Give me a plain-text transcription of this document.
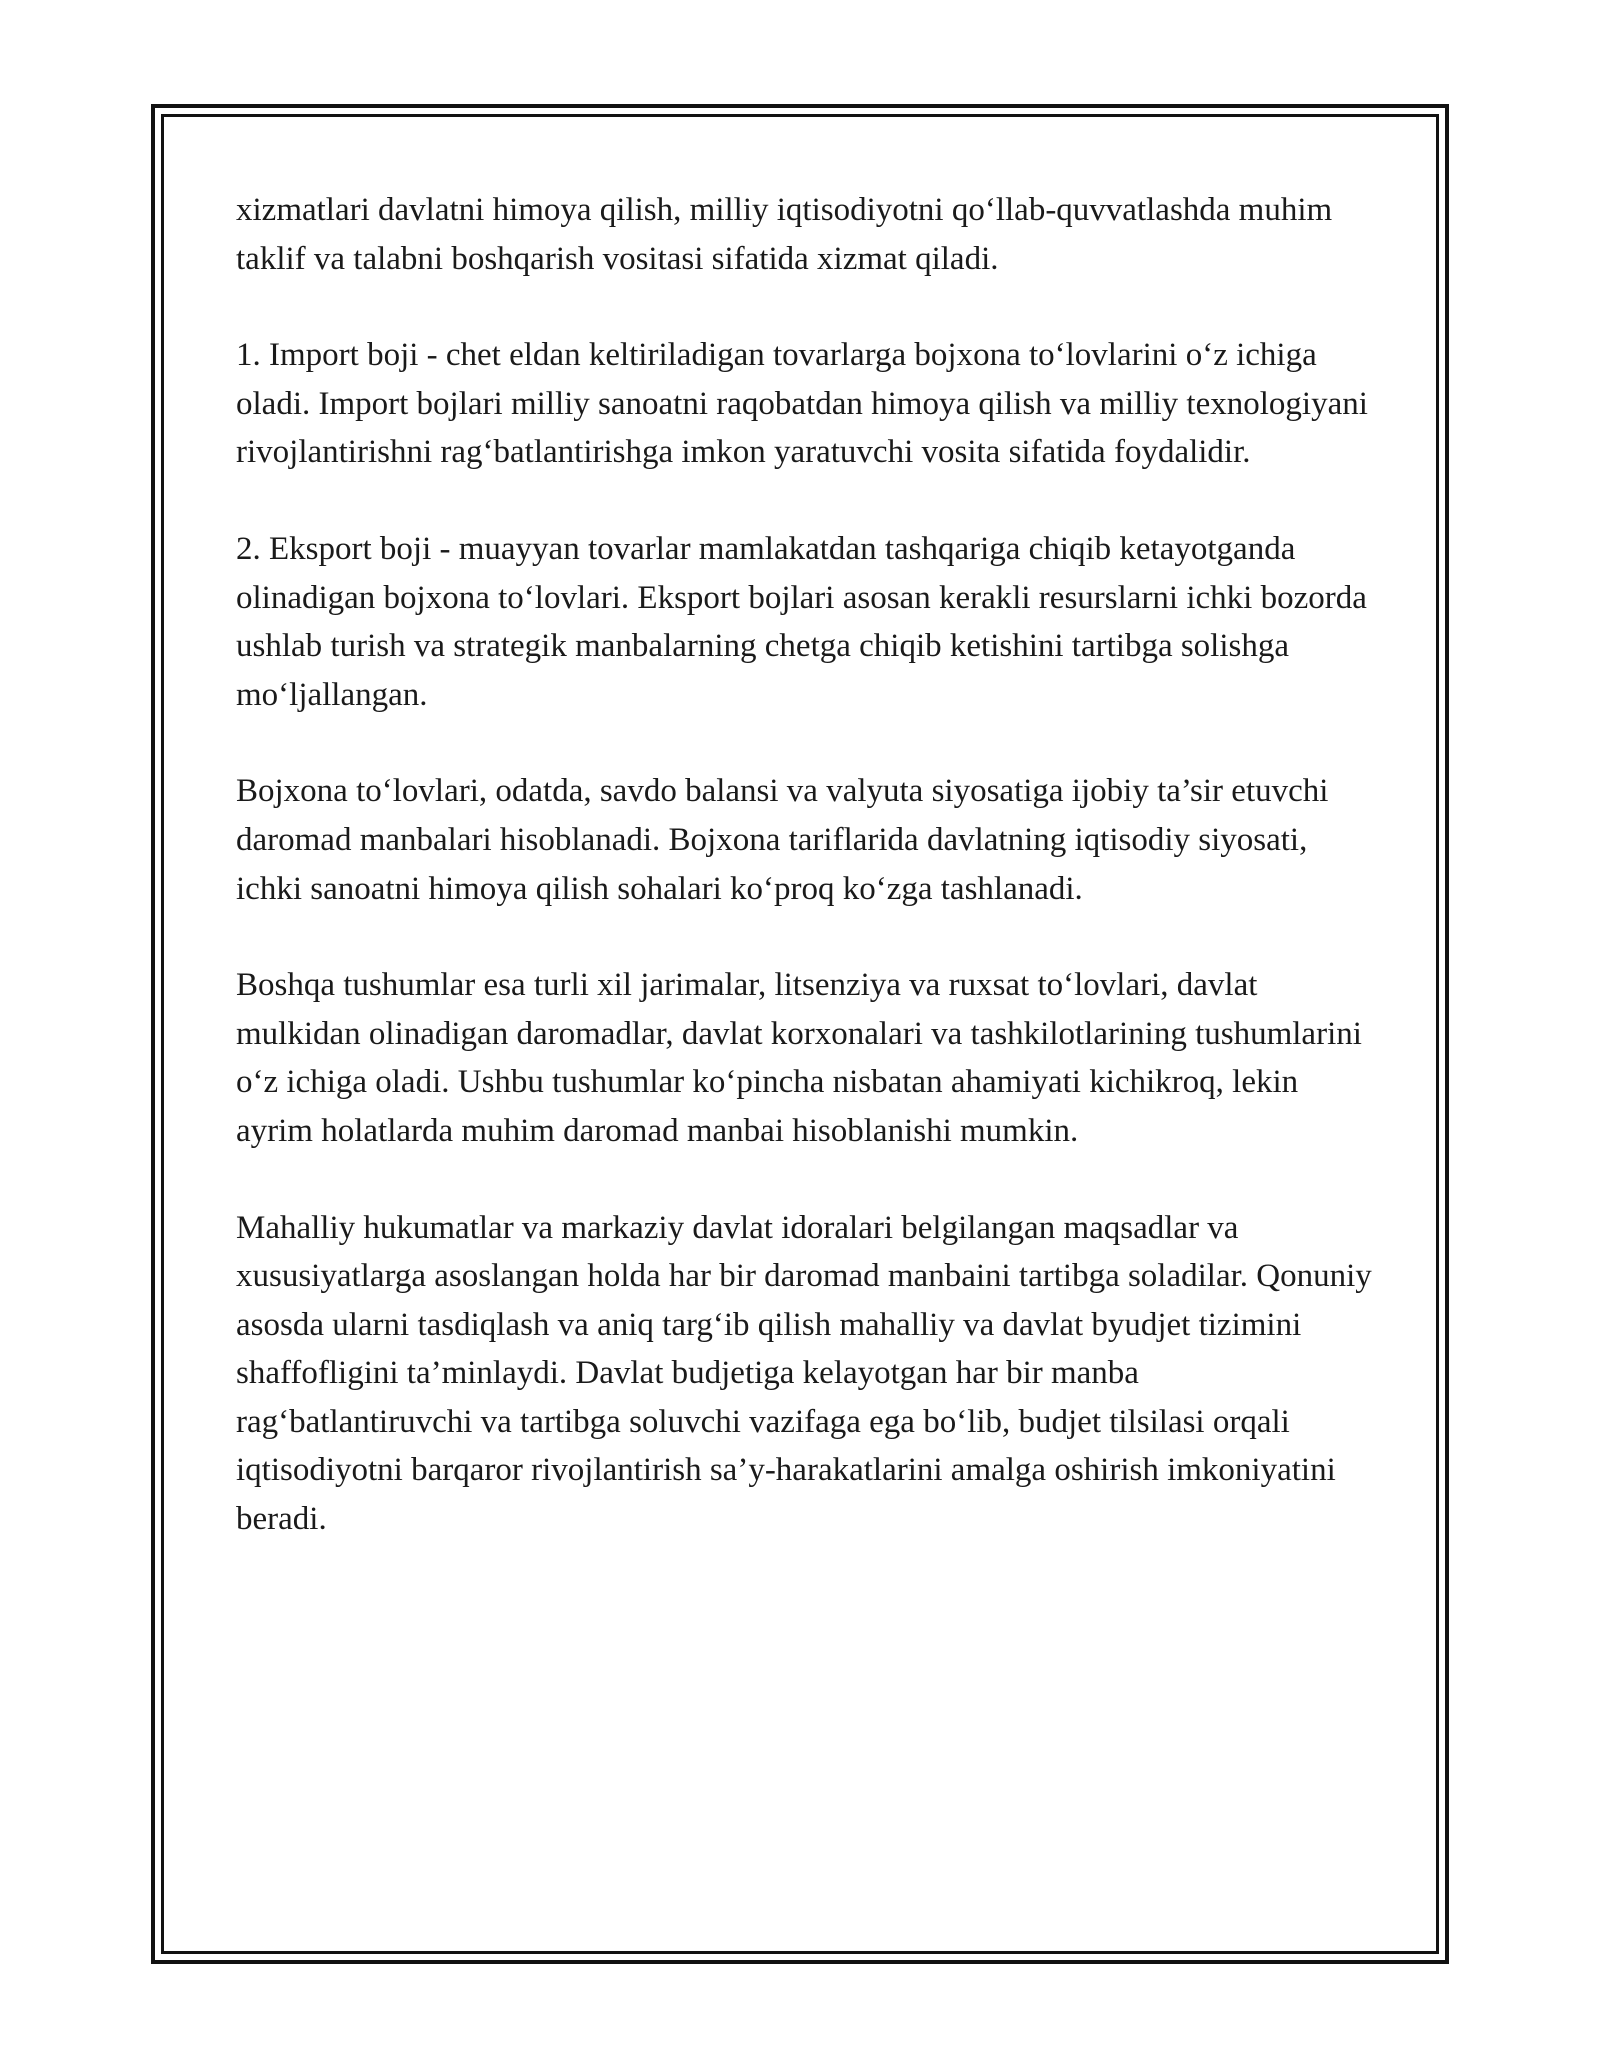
xizmatlari davlatni himoya qilish, milliy iqtisodiyotni qo‘llab-quvvatlashda muhim taklif va talabni boshqarish vositasi sifatida xizmat qiladi.

1. Import boji - chet eldan keltiriladigan tovarlarga bojxona to‘lovlarini o‘z ichiga oladi. Import bojlari milliy sanoatni raqobatdan himoya qilish va milliy texnologiyani rivojlantirishni rag‘batlantirishga imkon yaratuvchi vosita sifatida foydalidir.

2. Eksport boji - muayyan tovarlar mamlakatdan tashqariga chiqib ketayotganda olinadigan bojxona to‘lovlari. Eksport bojlari asosan kerakli resurslarni ichki bozorda ushlab turish va strategik manbalarning chetga chiqib ketishini tartibga solishga mo‘ljallangan.

Bojxona to‘lovlari, odatda, savdo balansi va valyuta siyosatiga ijobiy ta’sir etuvchi daromad manbalari hisoblanadi. Bojxona tariflarida davlatning iqtisodiy siyosati, ichki sanoatni himoya qilish sohalari ko‘proq ko‘zga tashlanadi.

Boshqa tushumlar esa turli xil jarimalar, litsenziya va ruxsat to‘lovlari, davlat mulkidan olinadigan daromadlar, davlat korxonalari va tashkilotlarining tushumlarini o‘z ichiga oladi. Ushbu tushumlar ko‘pincha nisbatan ahamiyati kichikroq, lekin ayrim holatlarda muhim daromad manbai hisoblanishi mumkin.

Mahalliy hukumatlar va markaziy davlat idoralari belgilangan maqsadlar va xususiyatlarga asoslangan holda har bir daromad manbaini tartibga soladilar. Qonuniy asosda ularni tasdiqlash va aniq targ‘ib qilish mahalliy va davlat byudjet tizimini shaffofligini ta’minlaydi. Davlat budjetiga kelayotgan har bir manba rag‘batlantiruvchi va tartibga soluvchi vazifaga ega bo‘lib, budjet tilsilasi orqali iqtisodiyotni barqaror rivojlantirish sa’y-harakatlarini amalga oshirish imkoniyatini beradi.
